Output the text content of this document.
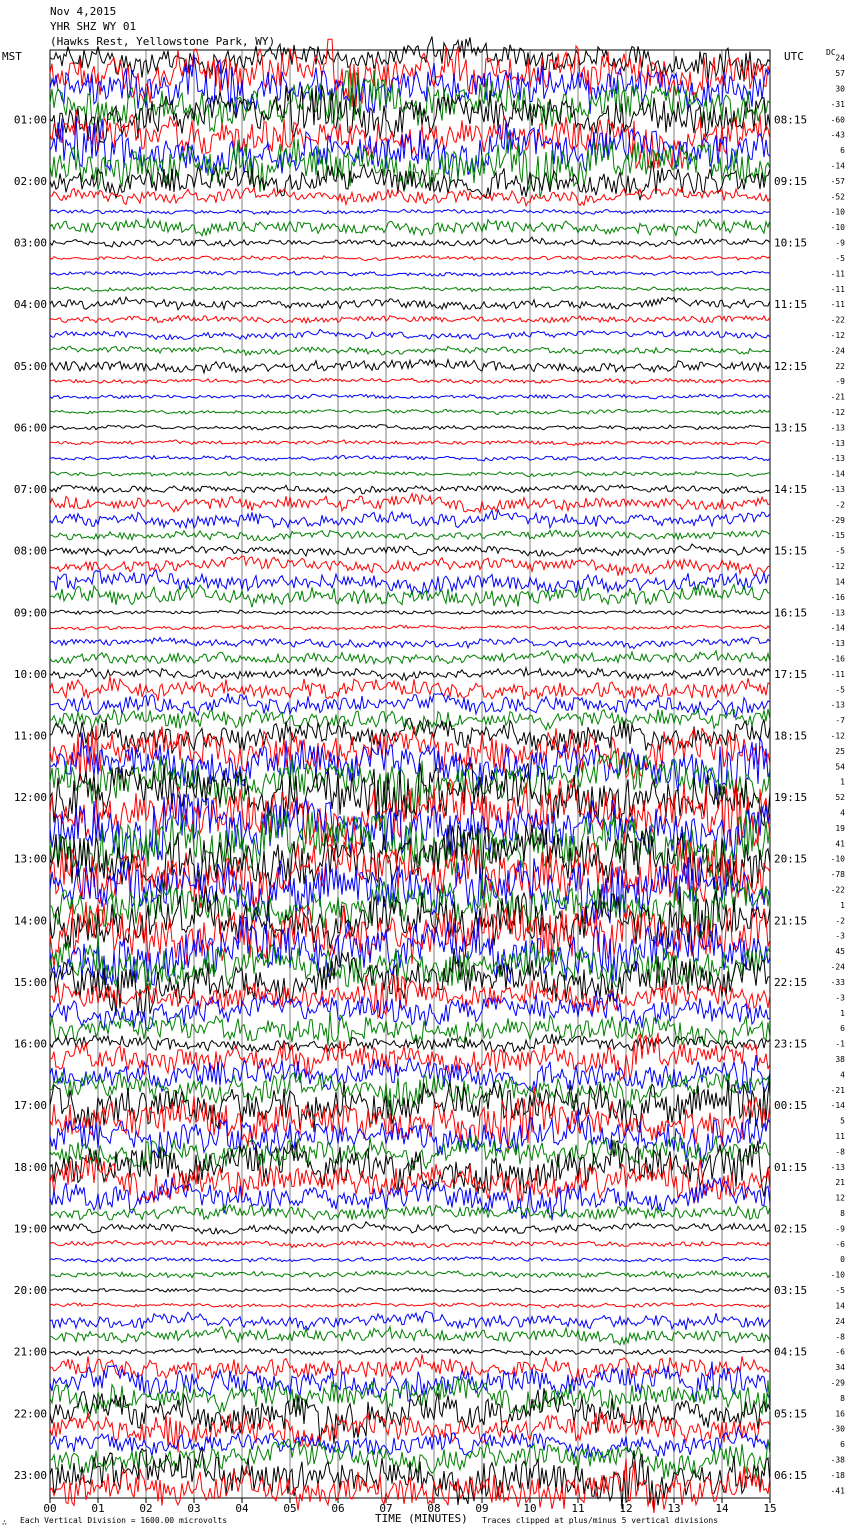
00	01	02	03	04	05	06	07	08	09	10	11	12	13	14	15
24
57
30
-31
-60
-43
6
-14
-57
-52
-10
-10
-9
-5
-11
-11
-11
-22
-12
-24
22
-9
-21
-12
-13
-13
-13
-14
-13
-2
-29
-15
-5
-12
14
-16
-13
-14
-13
-16
-11
-5
-13
-7
-12
25
54
1
52
4
19
41
-10
-78
-22
1
-2
-3
45
-24
-33
-3
1
6
-1
38
4
-21
-14
5
11
-8
-13
21
12
8
-9
-6
0
-10
-5
14
24
-8
-6
34
-29
8
16
-30
6
-38
-18
-41
01:00
02:00
03:00
04:00
05:00
06:00
07:00
08:00
09:00
10:00
11:00
12:00
13:00
14:00
15:00
16:00
17:00
18:00
19:00
20:00
21:00
22:00
23:00
08:15
09:15
10:15
11:15
12:15
13:15
14:15
15:15
16:15
17:15
18:15
19:15
20:15
21:15
22:15
23:15
00:15
01:15
02:15
03:15
04:15
05:15
06:15
Nov 4,2015
YHR SHZ WY 01
(Hawks Rest, Yellowstone Park, WY)
MST	UTC	DC
∴ Each Vertical Division = 1600.00 microvolts	TIME (MINUTES) Traces clipped at plus/minus 5 vertical divisions
